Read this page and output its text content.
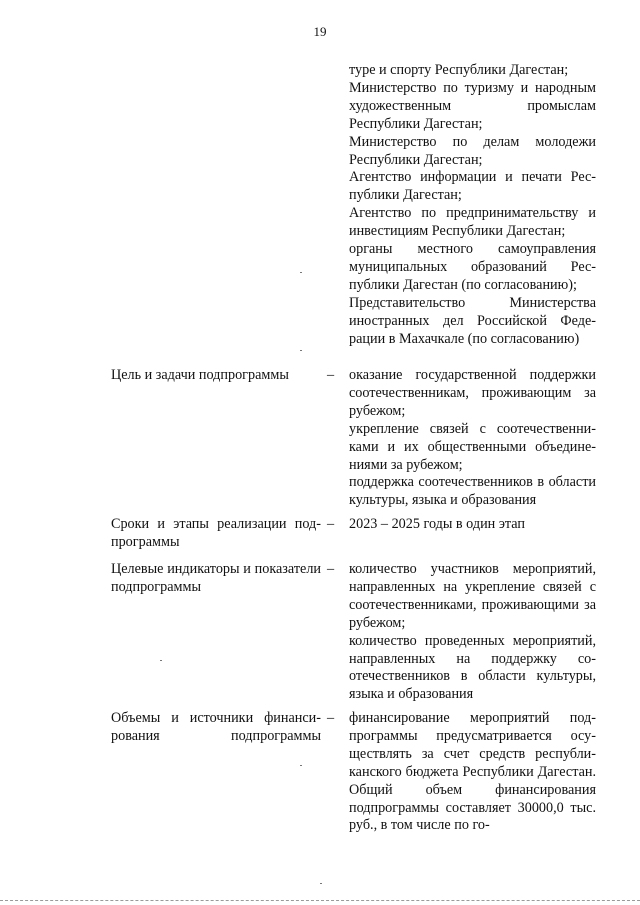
19

туре и спорту Республики Дагестан;

Министерство по туризму и народным художественным промыслам Республики Дагестан;

Министерство по делам молодежи Республики Дагестан;

Агентство информации и печати Республики Дагестан;

Агентство по предпринимательству и инвестициям Республики Дагестан;

органы местного самоуправления муниципальных образований Республики Дагестан (по согласованию);

Представительство Министерства иностранных дел Российской Федерации в Махачкале (по согласованию)

Цель и задачи подпрограммы	– оказание государственной поддержки соотечественникам, проживающим за рубежом;

укрепление связей с соотечественниками и их общественными объединениями за рубежом;

поддержка соотечественников в области культуры, языка и образования

Сроки и этапы реализации подпрограммы
– 2023 – 2025 годы в один этап

Целевые индикаторы и показатели подпрограммы
– количество участников мероприятий, направленных на укрепление связей с соотечественниками, проживающими за рубежом;

количество проведенных мероприятий, направленных на поддержку соотечественников в области культуры, языка и образования

Объемы и источники финансирования подпрограммы
– финансирование мероприятий подпрограммы предусматривается осуществлять за счет средств республиканского бюджета Республики Дагестан. Общий объем финансирования подпрограммы составляет 30000,0 тыс. руб., в том числе по го-
